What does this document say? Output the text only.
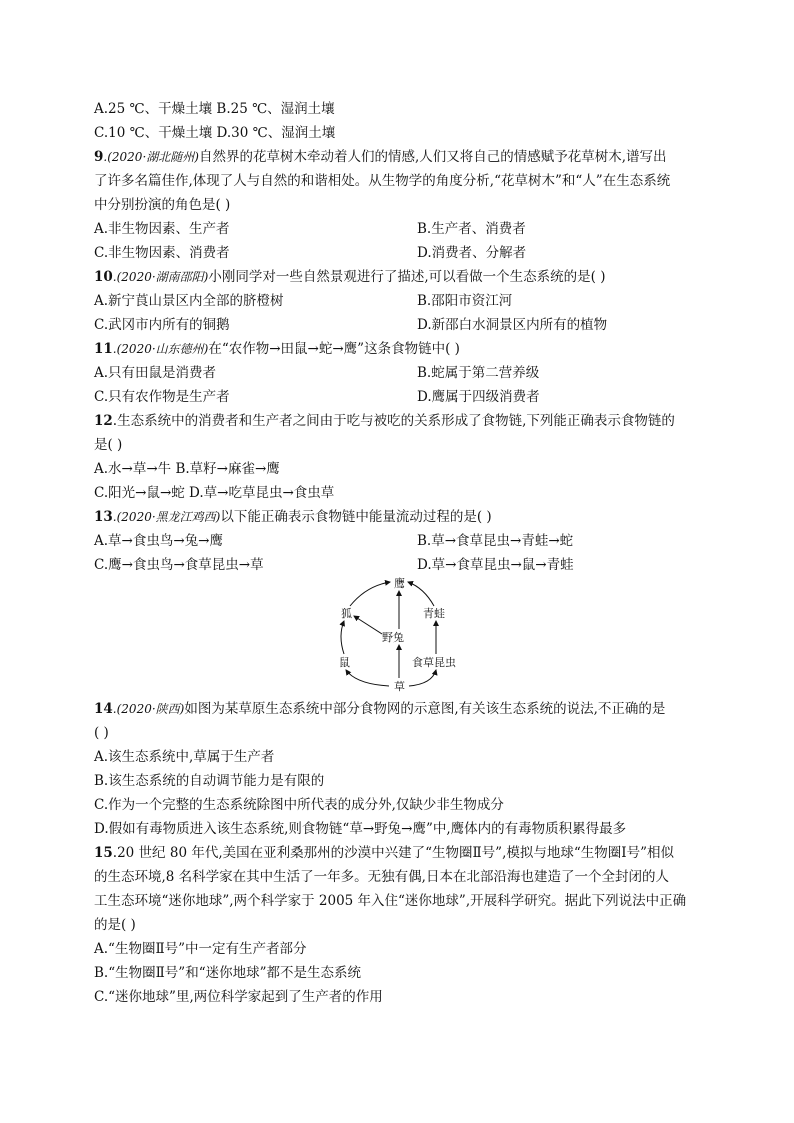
A.25 ℃、干燥土壤 B.25 ℃、湿润土壤
C.10 ℃、干燥土壤 D.30 ℃、湿润土壤
9.(2020·湖北随州)自然界的花草树木牵动着人们的情感,人们又将自己的情感赋予花草树木,谱写出
了许多名篇佳作,体现了人与自然的和谐相处。从生物学的角度分析,“花草树木”和“人”在生态系统
中分别扮演的角色是( )
A.非生物因素、生产者	B.生产者、消费者
C.非生物因素、消费者	D.消费者、分解者
10.(2020·湖南邵阳)小刚同学对一些自然景观进行了描述,可以看做一个生态系统的是( )
A.新宁莨山景区内全部的脐橙树	B.邵阳市资江河
C.武冈市内所有的铜鹅	D.新邵白水洞景区内所有的植物
11.(2020·山东德州)在“农作物→田鼠→蛇→鹰”这条食物链中( )
A.只有田鼠是消费者	B.蛇属于第二营养级
C.只有农作物是生产者	D.鹰属于四级消费者
12.生态系统中的消费者和生产者之间由于吃与被吃的关系形成了食物链,下列能正确表示食物链的
是( )
A.水→草→牛 B.草籽→麻雀→鹰
C.阳光→鼠→蛇 D.草→吃草昆虫→食虫草
13.(2020·黑龙江鸡西)以下能正确表示食物链中能量流动过程的是( )
A.草→食虫鸟→兔→鹰	B.草→食草昆虫→青蛙→蛇
C.鹰→食虫鸟→食草昆虫→草	D.草→食草昆虫→鼠→青蛙
鹰
狐	青蛙
野兔
鼠	食草昆虫
草
14.(2020·陕西)如图为某草原生态系统中部分食物网的示意图,有关该生态系统的说法,不正确的是
( )
A.该生态系统中,草属于生产者
B.该生态系统的自动调节能力是有限的
C.作为一个完整的生态系统除图中所代表的成分外,仅缺少非生物成分
D.假如有毒物质进入该生态系统,则食物链“草→野兔→鹰”中,鹰体内的有毒物质积累得最多
15.20 世纪 80 年代,美国在亚利桑那州的沙漠中兴建了“生物圈Ⅱ号”,模拟与地球“生物圈Ⅰ号”相似
的生态环境,8 名科学家在其中生活了一年多。无独有偶,日本在北部沿海也建造了一个全封闭的人
工生态环境“迷你地球”,两个科学家于 2005 年入住“迷你地球”,开展科学研究。据此下列说法中正确
的是( )
A.“生物圈Ⅱ号”中一定有生产者部分
B.“生物圈Ⅱ号”和“迷你地球”都不是生态系统
C.“迷你地球”里,两位科学家起到了生产者的作用
